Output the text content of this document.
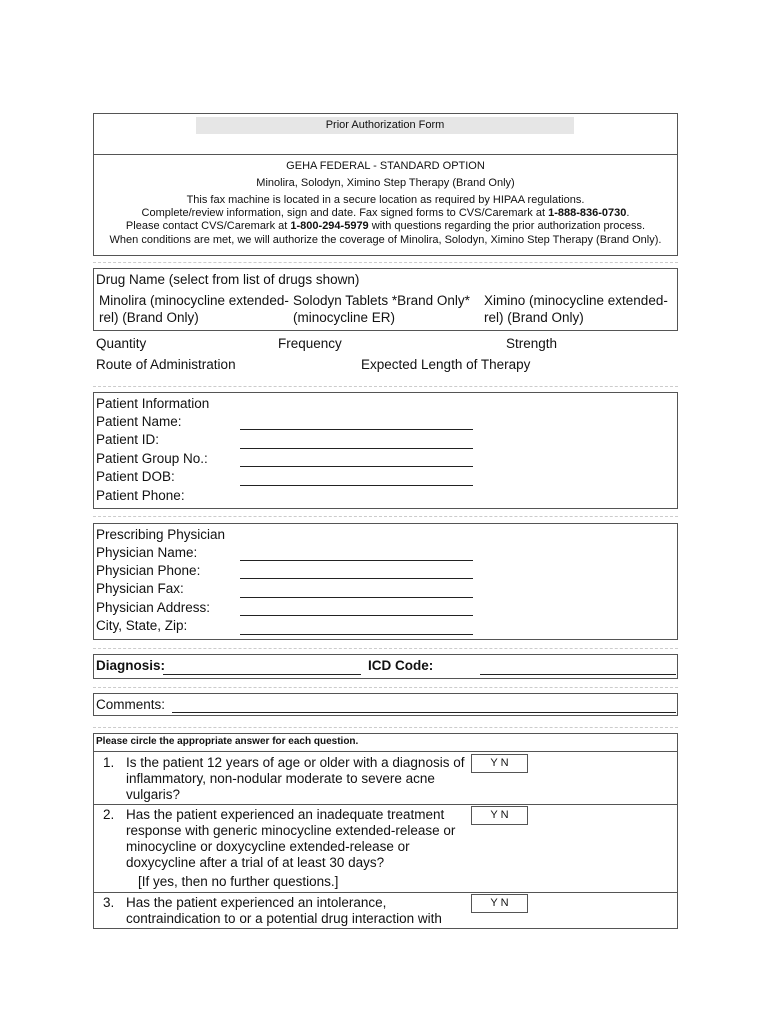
Prior Authorization Form
GEHA FEDERAL - STANDARD OPTION
Minolira, Solodyn, Ximino Step Therapy (Brand Only)
This fax machine is located in a secure location as required by HIPAA regulations.
Complete/review information, sign and date. Fax signed forms to CVS/Caremark at 1-888-836-0730.
Please contact CVS/Caremark at 1-800-294-5979 with questions regarding the prior authorization process.
When conditions are met, we will authorize the coverage of Minolira, Solodyn, Ximino Step Therapy (Brand Only).
Drug Name (select from list of drugs shown)
Minolira (minocycline extended-rel) (Brand Only)
Solodyn Tablets *Brand Only* (minocycline ER)
Ximino (minocycline extended-rel) (Brand Only)
Quantity	Frequency	Strength
Route of Administration	Expected Length of Therapy
Patient Information
Patient Name:
Patient ID:
Patient Group No.:
Patient DOB:
Patient Phone:
Prescribing Physician
Physician Name:
Physician Phone:
Physician Fax:
Physician Address:
City, State, Zip:
Diagnosis:	ICD Code:
Comments:
Please circle the appropriate answer for each question.
1. Is the patient 12 years of age or older with a diagnosis of inflammatory, non-nodular moderate to severe acne vulgaris?
Y N
2. Has the patient experienced an inadequate treatment response with generic minocycline extended-release or minocycline or doxycycline extended-release or doxycycline after a trial of at least 30 days?
Y N
[If yes, then no further questions.]
3. Has the patient experienced an intolerance, contraindication to or a potential drug interaction with
Y N
